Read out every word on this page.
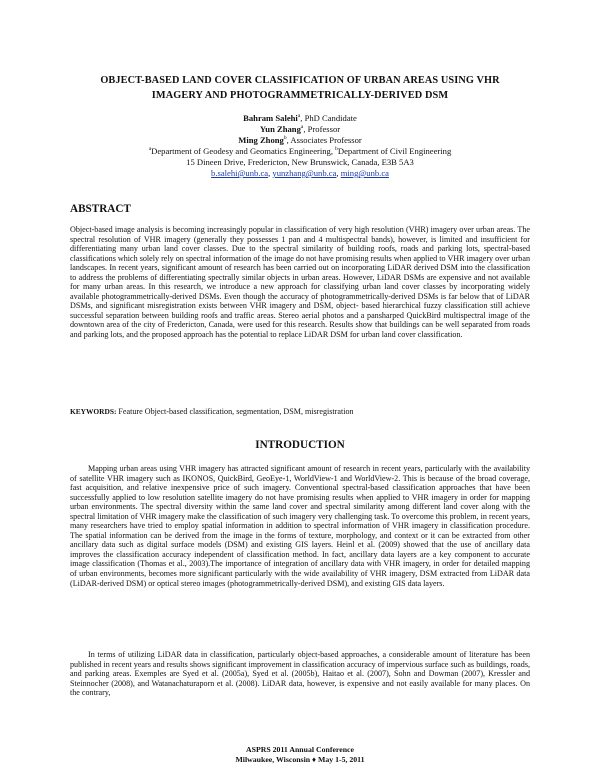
OBJECT-BASED LAND COVER CLASSIFICATION OF URBAN AREAS USING VHR
IMAGERY AND PHOTOGRAMMETRICALLY-DERIVED DSM
Bahram Salehi$^a$, PhD Candidate
Yun Zhang$^a$, Professor
Ming Zhong$^b$, Associates Professor
$^a$Department of Geodesy and Geomatics Engineering, $^b$Department of Civil Engineering
15 Dineen Drive, Fredericton, New Brunswick, Canada, E3B 5A3
b.salehi@unb.ca, yunzhang@unb.ca, ming@unb.ca
ABSTRACT
Object-based image analysis is becoming increasingly popular in classification of very high resolution (VHR) imagery over urban areas. The spectral resolution of VHR imagery (generally they possesses 1 pan and 4 multispectral bands), however, is limited and insufficient for differentiating many urban land cover classes. Due to the spectral similarity of building roofs, roads and parking lots, spectral-based classifications which solely rely on spectral information of the image do not have promising results when applied to VHR imagery over urban landscapes. In recent years, significant amount of research has been carried out on incorporating LiDAR derived DSM into the classification to address the problems of differentiating spectrally similar objects in urban areas. However, LiDAR DSMs are expensive and not available for many urban areas. In this research, we introduce a new approach for classifying urban land cover classes by incorporating widely available photogrammetrically-derived DSMs. Even though the accuracy of photogrammetrically-derived DSMs is far below that of LiDAR DSMs, and significant misregistration exists between VHR imagery and DSM, object- based hierarchical fuzzy classification still achieve successful separation between building roofs and traffic areas. Stereo aerial photos and a pansharped QuickBird multispectral image of the downtown area of the city of Fredericton, Canada, were used for this research. Results show that buildings can be well separated from roads and parking lots, and the proposed approach has the potential to replace LiDAR DSM for urban land cover classification.
KEYWORDS: Feature Object-based classification, segmentation, DSM, misregistration
INTRODUCTION
Mapping urban areas using VHR imagery has attracted significant amount of research in recent years, particularly with the availability of satellite VHR imagery such as IKONOS, QuickBird, GeoEye-1, WorldView-1 and WorldView-2. This is because of the broad coverage, fast acquisition, and relative inexpensive price of such imagery. Conventional spectral-based classification approaches that have been successfully applied to low resolution satellite imagery do not have promising results when applied to VHR imagery in order for mapping urban environments. The spectral diversity within the same land cover and spectral similarity among different land cover along with the spectral limitation of VHR imagery make the classification of such imagery very challenging task. To overcome this problem, in recent years, many researchers have tried to employ spatial information in addition to spectral information of VHR imagery in classification procedure. The spatial information can be derived from the image in the forms of texture, morphology, and context or it can be extracted from other ancillary data such as digital surface models (DSM) and existing GIS layers. Heinl et al. (2009) showed that the use of ancillary data improves the classification accuracy independent of classification method. In fact, ancillary data layers are a key component to accurate image classification (Thomas et al., 2003).The importance of integration of ancillary data with VHR imagery, in order for detailed mapping of urban environments, becomes more significant particularly with the wide availability of VHR imagery, DSM extracted from LiDAR data (LiDAR-derived DSM) or optical stereo images (photogrammetrically-derived DSM), and existing GIS data layers.
In terms of utilizing LiDAR data in classification, particularly object-based approaches, a considerable amount of literature has been published in recent years and results shows significant improvement in classification accuracy of impervious surface such as buildings, roads, and parking areas. Exemples are Syed et al. (2005a), Syed et al. (2005b), Haitao et al. (2007), Sohn and Dowman (2007), Kressler and Steinnocher (2008), and Watanachaturaporn et al. (2008). LiDAR data, however, is expensive and not easily available for many places. On the contrary,
ASPRS 2011 Annual Conference
Milwaukee, Wisconsin ♦ May 1-5, 2011
